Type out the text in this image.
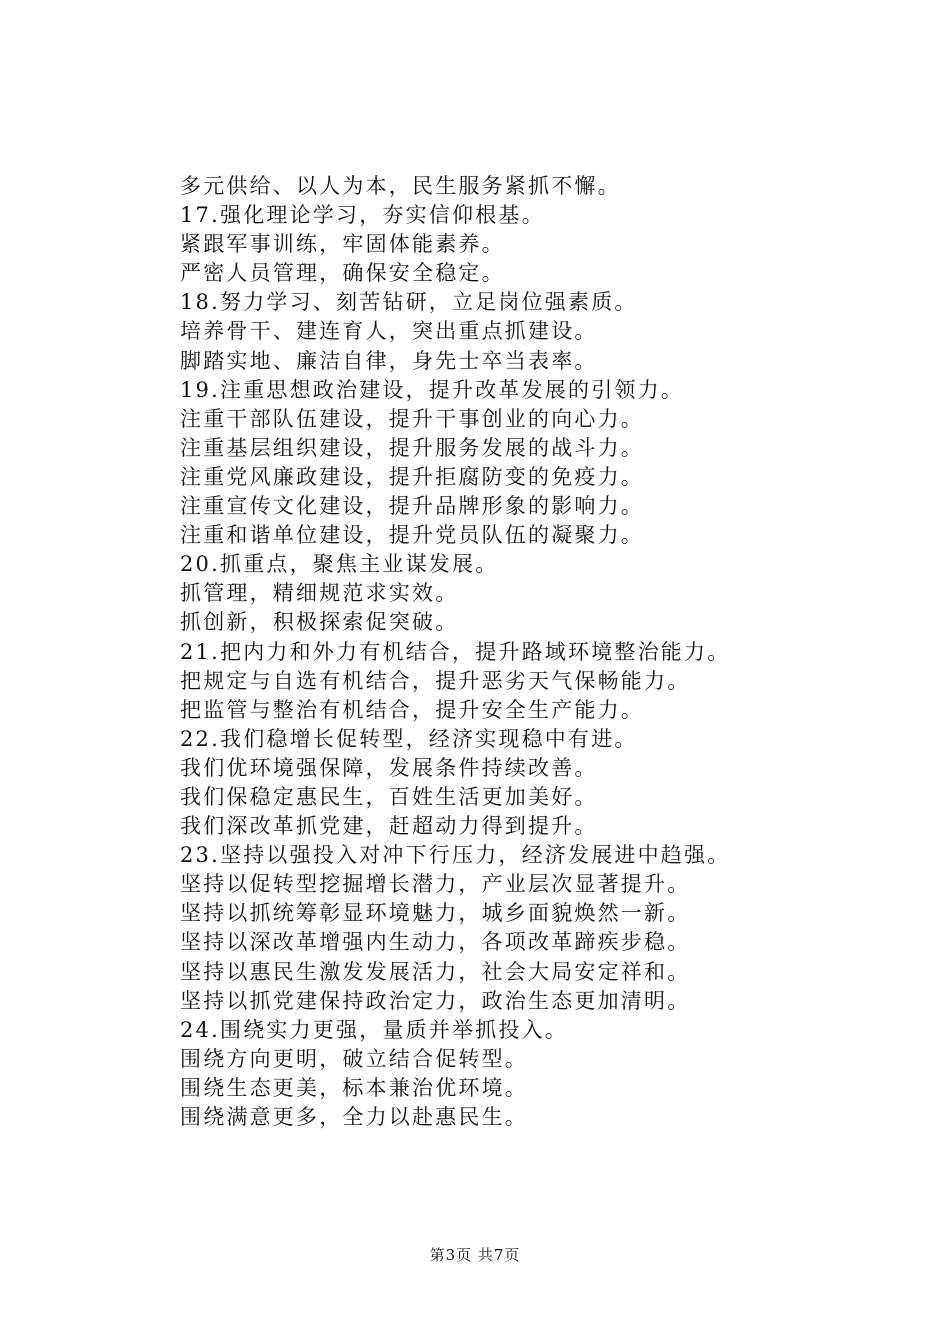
多元供给、以人为本，民生服务紧抓不懈。
17.强化理论学习，夯实信仰根基。
紧跟军事训练，牢固体能素养。
严密人员管理，确保安全稳定。
18.努力学习、刻苦钻研，立足岗位强素质。
培养骨干、建连育人，突出重点抓建设。
脚踏实地、廉洁自律，身先士卒当表率。
19.注重思想政治建设，提升改革发展的引领力。
注重干部队伍建设，提升干事创业的向心力。
注重基层组织建设，提升服务发展的战斗力。
注重党风廉政建设，提升拒腐防变的免疫力。
注重宣传文化建设，提升品牌形象的影响力。
注重和谐单位建设，提升党员队伍的凝聚力。
20.抓重点，聚焦主业谋发展。
抓管理，精细规范求实效。
抓创新，积极探索促突破。
21.把内力和外力有机结合，提升路域环境整治能力。
把规定与自选有机结合，提升恶劣天气保畅能力。
把监管与整治有机结合，提升安全生产能力。
22.我们稳增长促转型，经济实现稳中有进。
我们优环境强保障，发展条件持续改善。
我们保稳定惠民生，百姓生活更加美好。
我们深改革抓党建，赶超动力得到提升。
23.坚持以强投入对冲下行压力，经济发展进中趋强。
坚持以促转型挖掘增长潜力，产业层次显著提升。
坚持以抓统筹彰显环境魅力，城乡面貌焕然一新。
坚持以深改革增强内生动力，各项改革蹄疾步稳。
坚持以惠民生激发发展活力，社会大局安定祥和。
坚持以抓党建保持政治定力，政治生态更加清明。
24.围绕实力更强，量质并举抓投入。
围绕方向更明，破立结合促转型。
围绕生态更美，标本兼治优环境。
围绕满意更多，全力以赴惠民生。
第3页 共7页
